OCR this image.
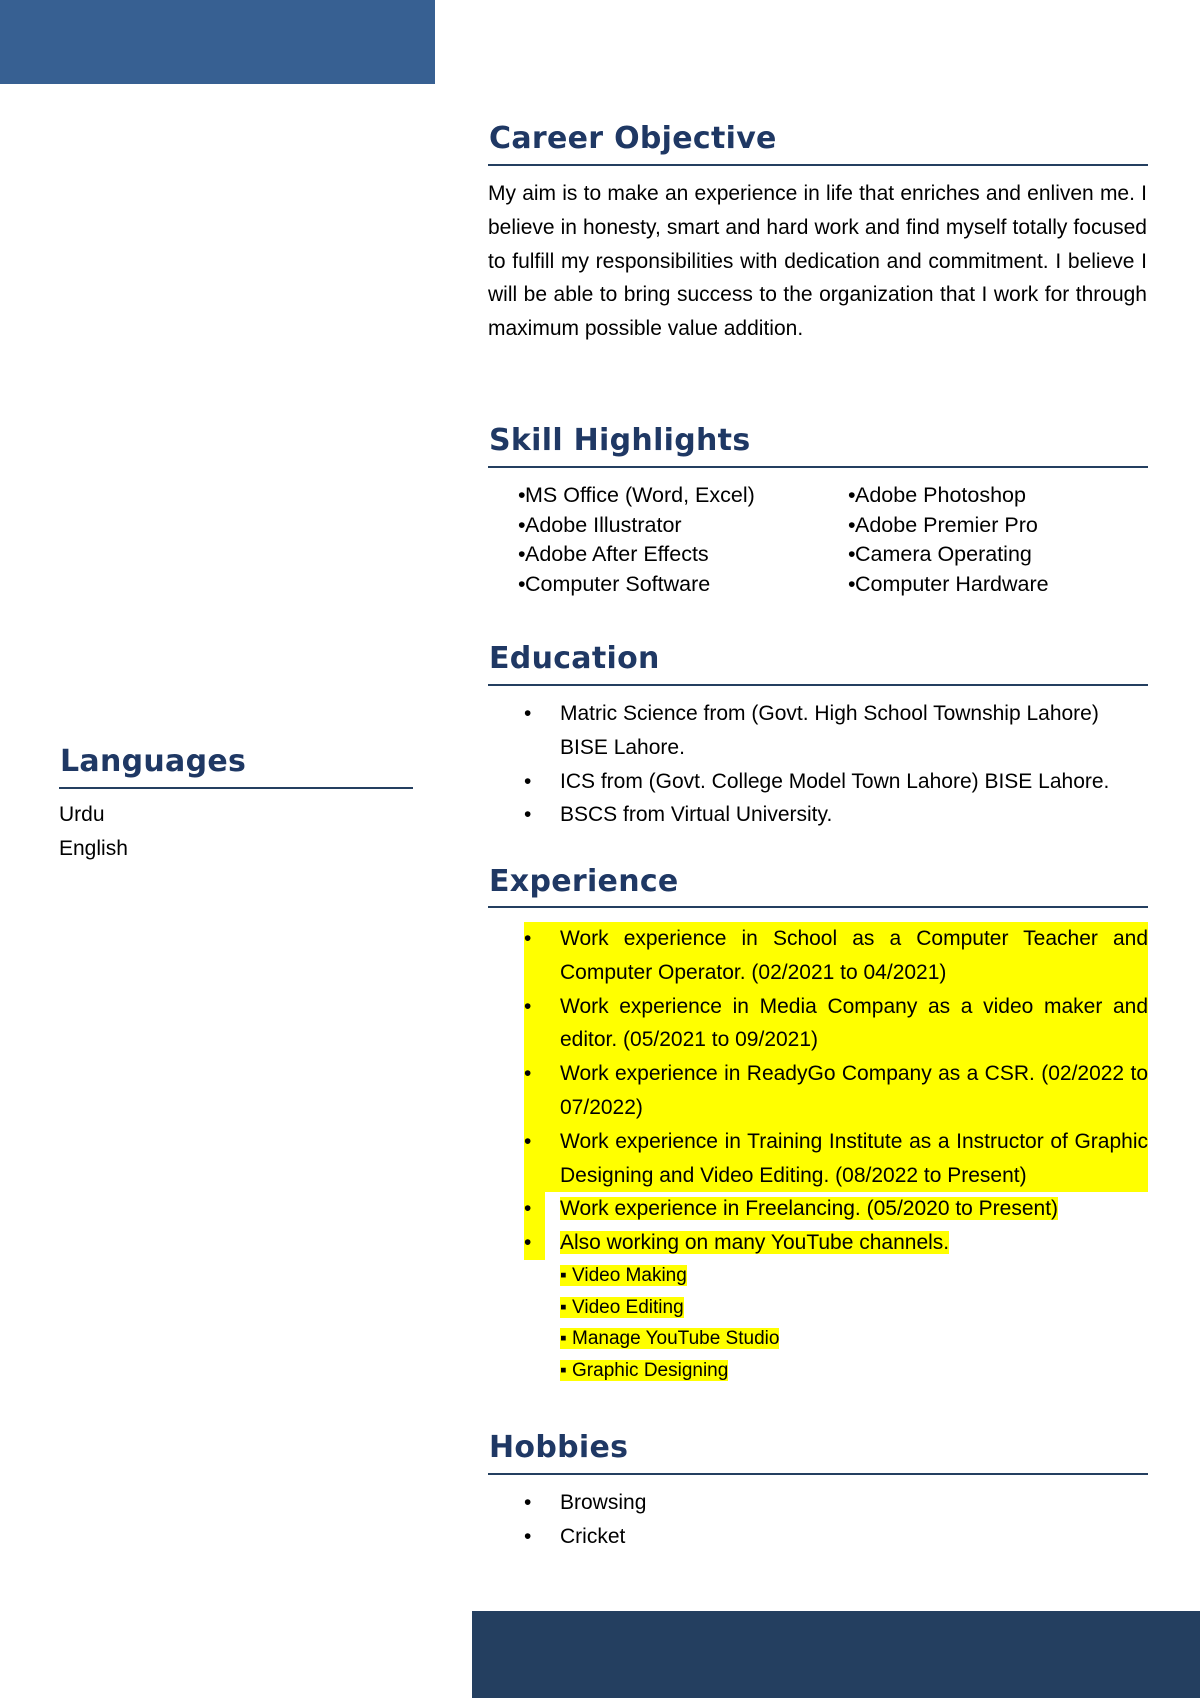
Languages
Urdu
English
Career Objective

My aim is to make an experience in life that enriches and enliven me. I believe in honesty, smart and hard work and find myself totally focused to fulfill my responsibilities with dedication and commitment. I believe I will be able to bring success to the organization that I work for through maximum possible value addition.

Skill Highlights
• MS Office (Word, Excel)
• Adobe Illustrator
• Adobe After Effects
• Computer Software
• Adobe Photoshop
• Adobe Premier Pro
• Camera Operating
• Computer Hardware
Education
•	Matric Science from (Govt. High School Township Lahore) BISE Lahore.
•	ICS from (Govt. College Model Town Lahore) BISE Lahore.
•	BSCS from Virtual University.
Experience
•	Work experience in School as a Computer Teacher and Computer Operator. (02/2021 to 04/2021)
•	Work experience in Media Company as a video maker and editor. (05/2021 to 09/2021)
•	Work experience in ReadyGo Company as a CSR. (02/2022 to 07/2022)
•	Work experience in Training Institute as a Instructor of Graphic Designing and Video Editing. (08/2022 to Present)
•	Work experience in Freelancing. (05/2020 to Present)
•	Also working on many YouTube channels.
▪ Video Making
▪ Video Editing
▪ Manage YouTube Studio
▪ Graphic Designing
Hobbies
•	Browsing
•	Cricket
